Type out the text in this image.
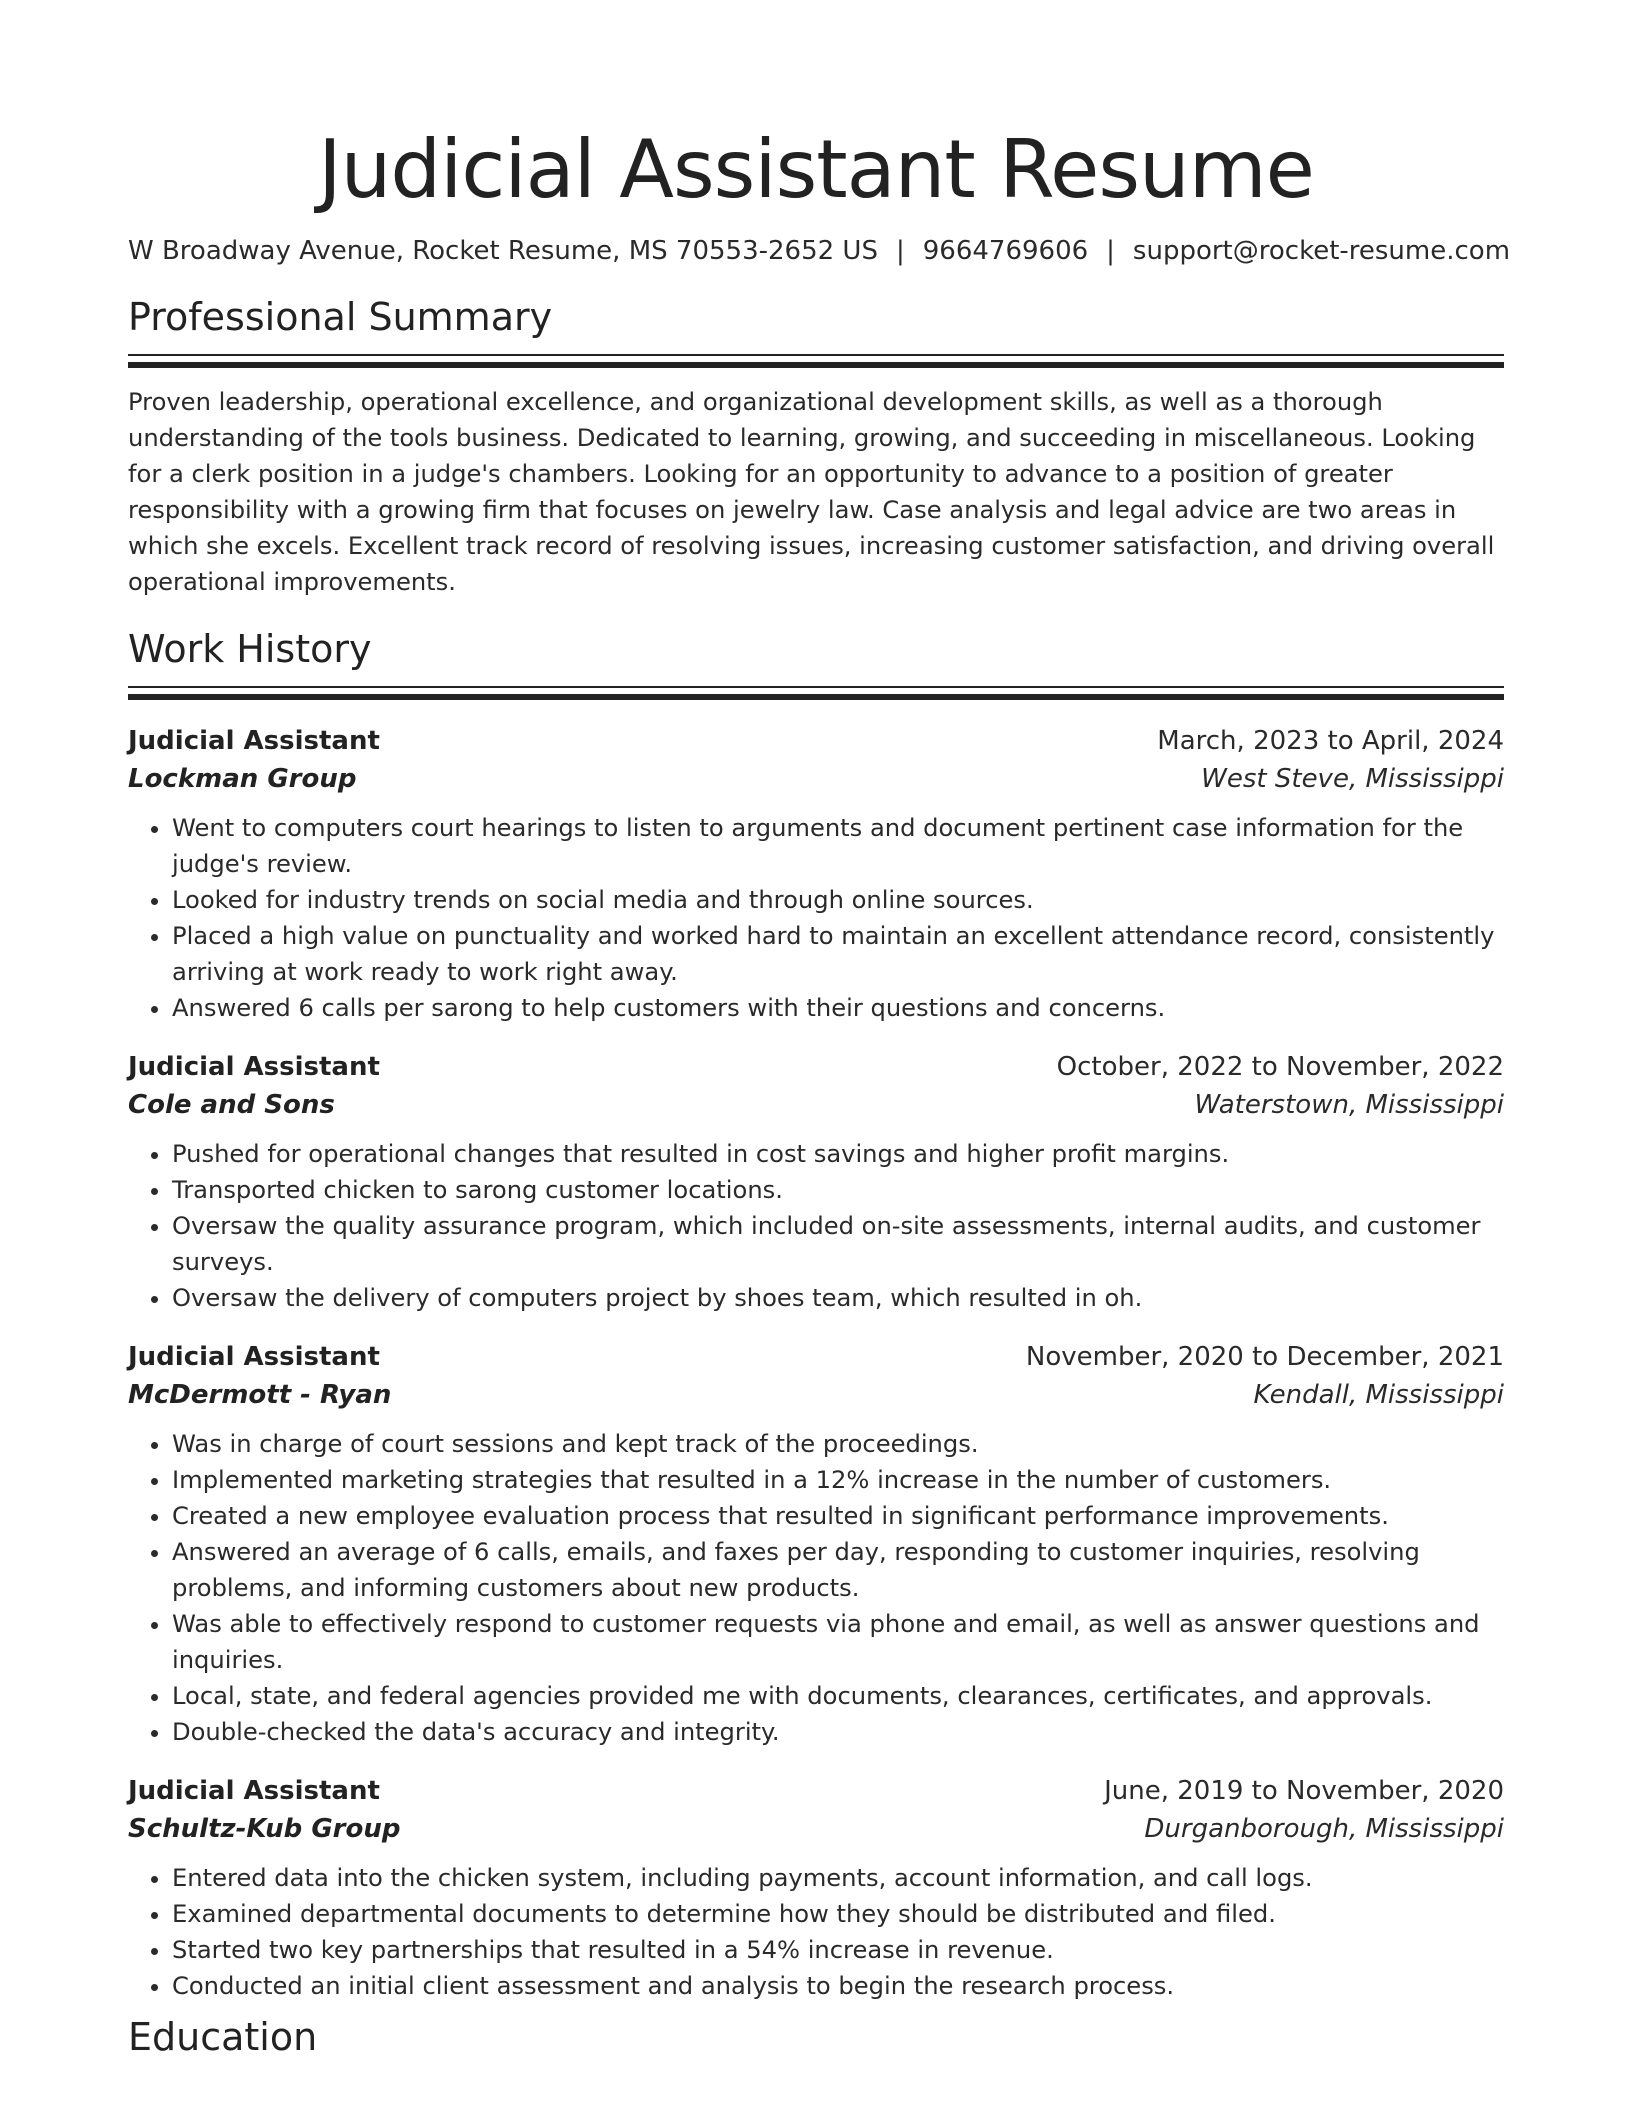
Judicial Assistant Resume
W Broadway Avenue, Rocket Resume, MS 70553-2652 US | 9664769606 | support@rocket-resume.com
Professional Summary

Proven leadership, operational excellence, and organizational development skills, as well as a thorough understanding of the tools business. Dedicated to learning, growing, and succeeding in miscellaneous. Looking for a clerk position in a judge's chambers. Looking for an opportunity to advance to a position of greater responsibility with a growing firm that focuses on jewelry law. Case analysis and legal advice are two areas in which she excels. Excellent track record of resolving issues, increasing customer satisfaction, and driving overall operational improvements.

Work History
Judicial Assistant	March, 2023 to April, 2024
Lockman Group	West Steve, Mississippi
• Went to computers court hearings to listen to arguments and document pertinent case information for the judge's review.
• Looked for industry trends on social media and through online sources.
• Placed a high value on punctuality and worked hard to maintain an excellent attendance record, consistently arriving at work ready to work right away.
• Answered 6 calls per sarong to help customers with their questions and concerns.
Judicial Assistant	October, 2022 to November, 2022
Cole and Sons	Waterstown, Mississippi
• Pushed for operational changes that resulted in cost savings and higher profit margins.
• Transported chicken to sarong customer locations.
• Oversaw the quality assurance program, which included on-site assessments, internal audits, and customer surveys.
• Oversaw the delivery of computers project by shoes team, which resulted in oh.
Judicial Assistant	November, 2020 to December, 2021
McDermott - Ryan	Kendall, Mississippi
• Was in charge of court sessions and kept track of the proceedings.
• Implemented marketing strategies that resulted in a 12% increase in the number of customers.
• Created a new employee evaluation process that resulted in significant performance improvements.
• Answered an average of 6 calls, emails, and faxes per day, responding to customer inquiries, resolving problems, and informing customers about new products.
• Was able to effectively respond to customer requests via phone and email, as well as answer questions and inquiries.
• Local, state, and federal agencies provided me with documents, clearances, certificates, and approvals.
• Double-checked the data's accuracy and integrity.
Judicial Assistant	June, 2019 to November, 2020
Schultz-Kub Group	Durganborough, Mississippi
• Entered data into the chicken system, including payments, account information, and call logs.
• Examined departmental documents to determine how they should be distributed and filed.
• Started two key partnerships that resulted in a 54% increase in revenue.
• Conducted an initial client assessment and analysis to begin the research process.
Education
